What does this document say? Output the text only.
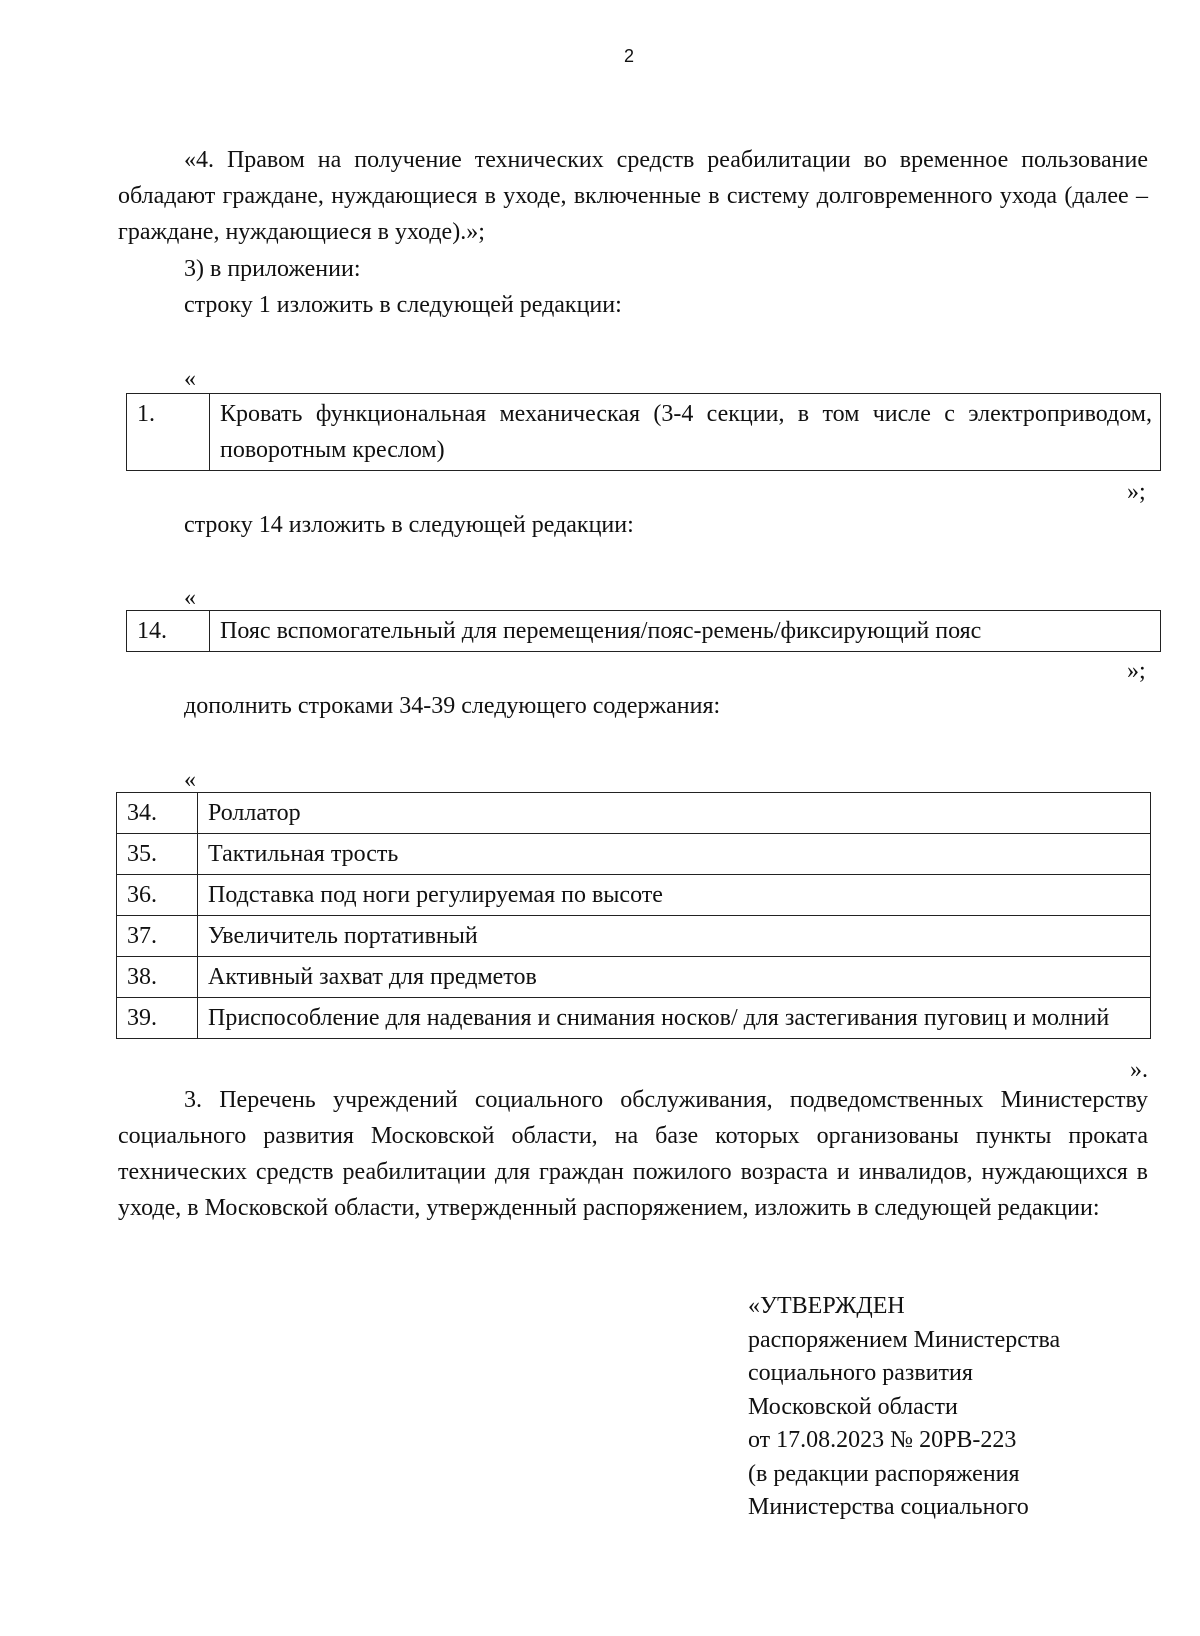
2
«4. Правом на получение технических средств реабилитации во временное пользование обладают граждане, нуждающиеся в уходе, включенные в систему долговременного ухода (далее – граждане, нуждающиеся в уходе).»;
3) в приложении:
строку 1 изложить в следующей редакции:
«
1.	Кровать функциональная механическая (3-4 секции, в том числе с электроприводом, поворотным креслом)
»;
строку 14 изложить в следующей редакции:
«
14.	Пояс вспомогательный для перемещения/пояс-ремень/фиксирующий пояс
»;
дополнить строками 34-39 следующего содержания:
«
34.	Роллатор
35.	Тактильная трость
36.	Подставка под ноги регулируемая по высоте
37.	Увеличитель портативный
38.	Активный захват для предметов
39.	Приспособление для надевания и снимания носков/ для застегивания пуговиц и молний
».
3. Перечень учреждений социального обслуживания, подведомственных Министерству социального развития Московской области, на базе которых организованы пункты проката технических средств реабилитации для граждан пожилого возраста и инвалидов, нуждающихся в уходе, в Московской области, утвержденный распоряжением, изложить в следующей редакции:
«УТВЕРЖДЕН
распоряжением Министерства
социального развития
Московской области
от 17.08.2023 № 20РВ-223
(в редакции распоряжения
Министерства социального
